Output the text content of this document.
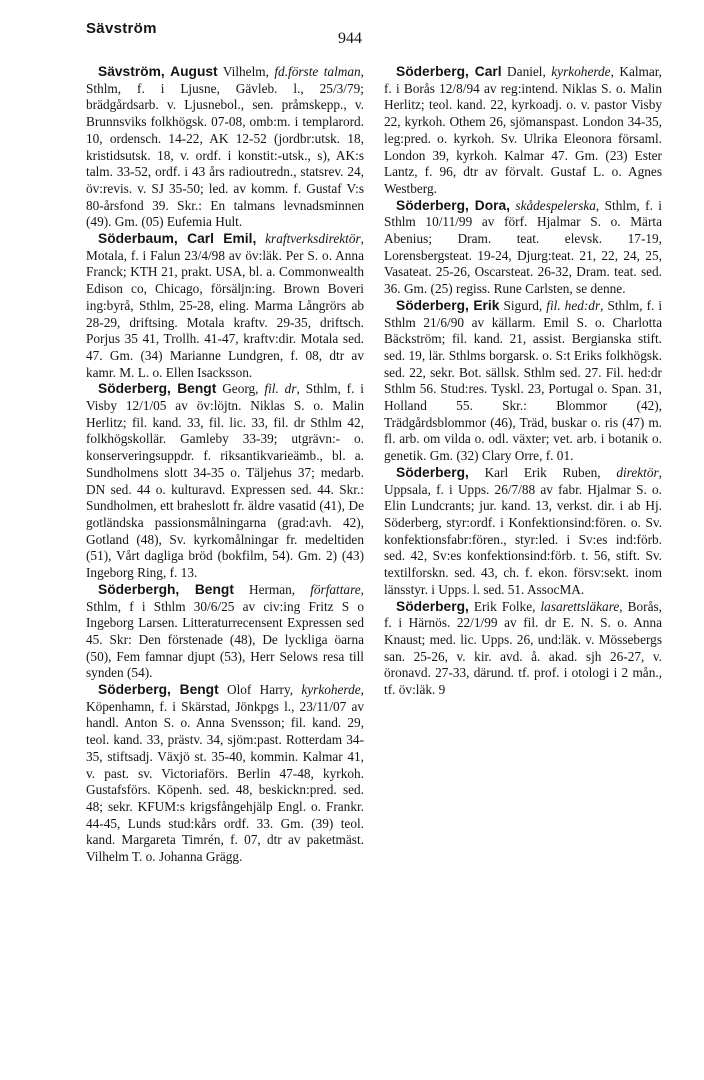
Sävström
944

Sävström, August Vilhelm, fd.förste talman, Sthlm, f. i Ljusne, Gävleb. l., 25/3/79; brädgårdsarb. v. Ljusnebol., sen. pråmskepp., v. Brunnsviks folkhögsk. 07-08, omb:m. i templarord. 10, ordensch. 14-22, AK 12-52 (jordbr:utsk. 18, kristidsutsk. 18, v. ordf. i konstit:-utsk., s), AK:s talm. 33-52, ordf. i 43 års radioutredn., statsrev. 24, öv:revis. v. SJ 35-50; led. av komm. f. Gustaf V:s 80-årsfond 39. Skr.: En talmans levnadsminnen (49). Gm. (05) Eufemia Hult.

Söderbaum, Carl Emil, kraftverksdirektör, Motala, f. i Falun 23/4/98 av öv:läk. Per S. o. Anna Franck; KTH 21, prakt. USA, bl. a. Commonwealth Edison co, Chicago, försäljn:ing. Brown Boveri ing:byrå, Sthlm, 25-28, eling. Marma Långrörs ab 28-29, driftsing. Motala kraftv. 29-35, driftsch. Porjus 35 41, Trollh. 41-47, kraftv:dir. Motala sed. 47. Gm. (34) Marianne Lundgren, f. 08, dtr av kamr. M. L. o. Ellen Isacksson.

Söderberg, Bengt Georg, fil. dr, Sthlm, f. i Visby 12/1/05 av öv:löjtn. Niklas S. o. Malin Herlitz; fil. kand. 33, fil. lic. 33, fil. dr Sthlm 42, folkhögskollär. Gamleby 33-39; utgrävn:- o. konserveringsuppdr. f. riksantikvarieämb., bl. a. Sundholmens slott 34-35 o. Täljehus 37; medarb. DN sed. 44 o. kulturavd. Expressen sed. 44. Skr.: Sundholmen, ett braheslott fr. äldre vasatid (41), De gotländska passionsmålningarna (grad:avh. 42), Gotland (48), Sv. kyrkomålningar fr. medeltiden (51), Vårt dagliga bröd (bokfilm, 54). Gm. 2) (43) Ingeborg Ring, f. 13.

Söderbergh, Bengt Herman, författare, Sthlm, f i Sthlm 30/6/25 av civ:ing Fritz S o Ingeborg Larsen. Litteraturrecensent Expressen sed 45. Skr: Den förstenade (48), De lyckliga öarna (50), Fem famnar djupt (53), Herr Selows resa till synden (54).

Söderberg, Bengt Olof Harry, kyrkoherde, Köpenhamn, f. i Skärstad, Jönkpgs l., 23/11/07 av handl. Anton S. o. Anna Svensson; fil. kand. 29, teol. kand. 33, prästv. 34, sjöm:past. Rotterdam 34-35, stiftsadj. Växjö st. 35-40, kommin. Kalmar 41, v. past. sv. Victoriaförs. Berlin 47-48, kyrkoh. Gustafsförs. Köpenh. sed. 48, beskickn:pred. sed. 48; sekr. KFUM:s krigsfångehjälp Engl. o. Frankr. 44-45, Lunds stud:kårs ordf. 33. Gm. (39) teol. kand. Margareta Timrén, f. 07, dtr av paketmäst. Vilhelm T. o. Johanna Grägg.

Söderberg, Carl Daniel, kyrkoherde, Kalmar, f. i Borås 12/8/94 av reg:intend. Niklas S. o. Malin Herlitz; teol. kand. 22, kyrkoadj. o. v. pastor Visby 22, kyrkoh. Othem 26, sjömanspast. London 34-35, leg:pred. o. kyrkoh. Sv. Ulrika Eleonora församl. London 39, kyrkoh. Kalmar 47. Gm. (23) Ester Lantz, f. 96, dtr av förvalt. Gustaf L. o. Agnes Westberg.

Söderberg, Dora, skådespelerska, Sthlm, f. i Sthlm 10/11/99 av förf. Hjalmar S. o. Märta Abenius; Dram. teat. elevsk. 17-19, Lorensbergsteat. 19-24, Djurg:teat. 21, 22, 24, 25, Vasateat. 25-26, Oscarsteat. 26-32, Dram. teat. sed. 36. Gm. (25) regiss. Rune Carlsten, se denne.

Söderberg, Erik Sigurd, fil. hed:dr, Sthlm, f. i Sthlm 21/6/90 av källarm. Emil S. o. Charlotta Bäckström; fil. kand. 21, assist. Bergianska stift. sed. 19, lär. Sthlms borgarsk. o. S:t Eriks folkhögsk. sed. 22, sekr. Bot. sällsk. Sthlm sed. 27. Fil. hed:dr Sthlm 56. Stud:res. Tyskl. 23, Portugal o. Span. 31, Holland 55. Skr.: Blommor (42), Trädgårdsblommor (46), Träd, buskar o. ris (47) m. fl. arb. om vilda o. odl. växter; vet. arb. i botanik o. genetik. Gm. (32) Clary Orre, f. 01.

Söderberg, Karl Erik Ruben, direktör, Uppsala, f. i Upps. 26/7/88 av fabr. Hjalmar S. o. Elin Lundcrants; jur. kand. 13, verkst. dir. i ab Hj. Söderberg, styr:ordf. i Konfektionsind:fören. o. Sv. konfektionsfabr:fören., styr:led. i Sv:es ind:förb. sed. 42, Sv:es konfektionsind:förb. t. 56, stift. Sv. textilforskn. sed. 43, ch. f. ekon. försv:sekt. inom länsstyr. i Upps. l. sed. 51. AssocMA.

Söderberg, Erik Folke, lasarettsläkare, Borås, f. i Härnös. 22/1/99 av fil. dr E. N. S. o. Anna Knaust; med. lic. Upps. 26, und:läk. v. Mössebergs san. 25-26, v. kir. avd. å. akad. sjh 26-27, v. öronavd. 27-33, därund. tf. prof. i otologi i 2 mån., tf. öv:läk. 9
